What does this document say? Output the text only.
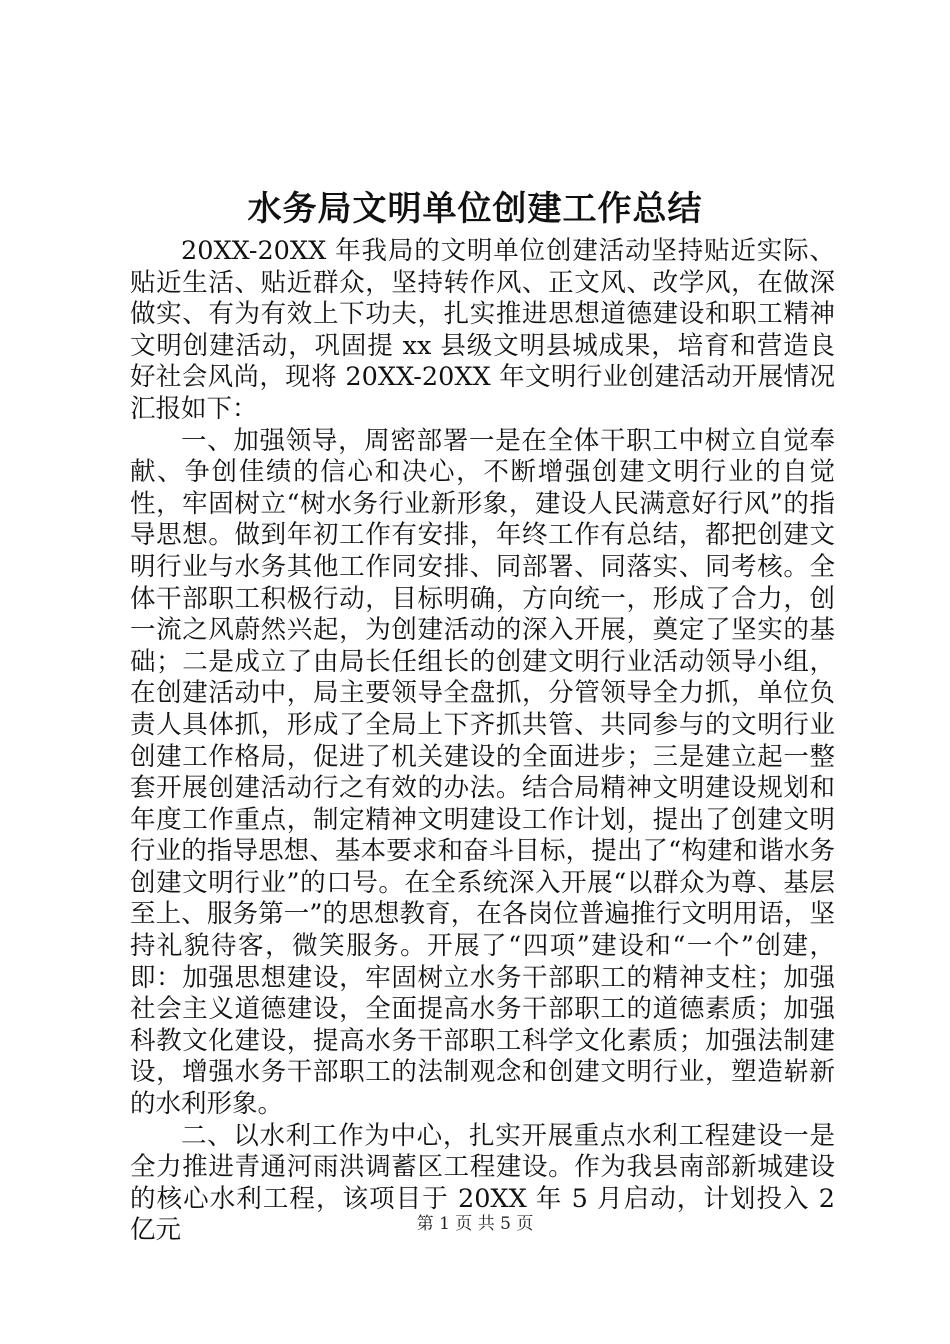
水务局文明单位创建工作总结

20XX-20XX 年我局的文明单位创建活动坚持贴近实际、贴近生活、贴近群众，坚持转作风、正文风、改学风，在做深做实、有为有效上下功夫，扎实推进思想道德建设和职工精神文明创建活动，巩固提 xx 县级文明县城成果，培育和营造良好社会风尚，现将 20XX-20XX 年文明行业创建活动开展情况汇报如下：

一、加强领导，周密部署一是在全体干职工中树立自觉奉献、争创佳绩的信心和决心，不断增强创建文明行业的自觉性，牢固树立“树水务行业新形象，建设人民满意好行风”的指导思想。做到年初工作有安排，年终工作有总结，都把创建文明行业与水务其他工作同安排、同部署、同落实、同考核。全体干部职工积极行动，目标明确，方向统一，形成了合力，创一流之风蔚然兴起，为创建活动的深入开展，奠定了坚实的基础；二是成立了由局长任组长的创建文明行业活动领导小组，在创建活动中，局主要领导全盘抓，分管领导全力抓，单位负责人具体抓，形成了全局上下齐抓共管、共同参与的文明行业创建工作格局，促进了机关建设的全面进步；三是建立起一整套开展创建活动行之有效的办法。结合局精神文明建设规划和年度工作重点，制定精神文明建设工作计划，提出了创建文明行业的指导思想、基本要求和奋斗目标，提出了“构建和谐水务创建文明行业”的口号。在全系统深入开展“以群众为尊、基层至上、服务第一”的思想教育，在各岗位普遍推行文明用语，坚持礼貌待客，微笑服务。开展了“四项”建设和“一个”创建，即：加强思想建设，牢固树立水务干部职工的精神支柱；加强社会主义道德建设，全面提高水务干部职工的道德素质；加强科教文化建设，提高水务干部职工科学文化素质；加强法制建设，增强水务干部职工的法制观念和创建文明行业，塑造崭新的水利形象。

二、以水利工作为中心，扎实开展重点水利工程建设一是全力推进青通河雨洪调蓄区工程建设。作为我县南部新城建设的核心水利工程，该项目于 20XX 年 5 月启动，计划投入 2 亿元	第 1 页 共 5 页
